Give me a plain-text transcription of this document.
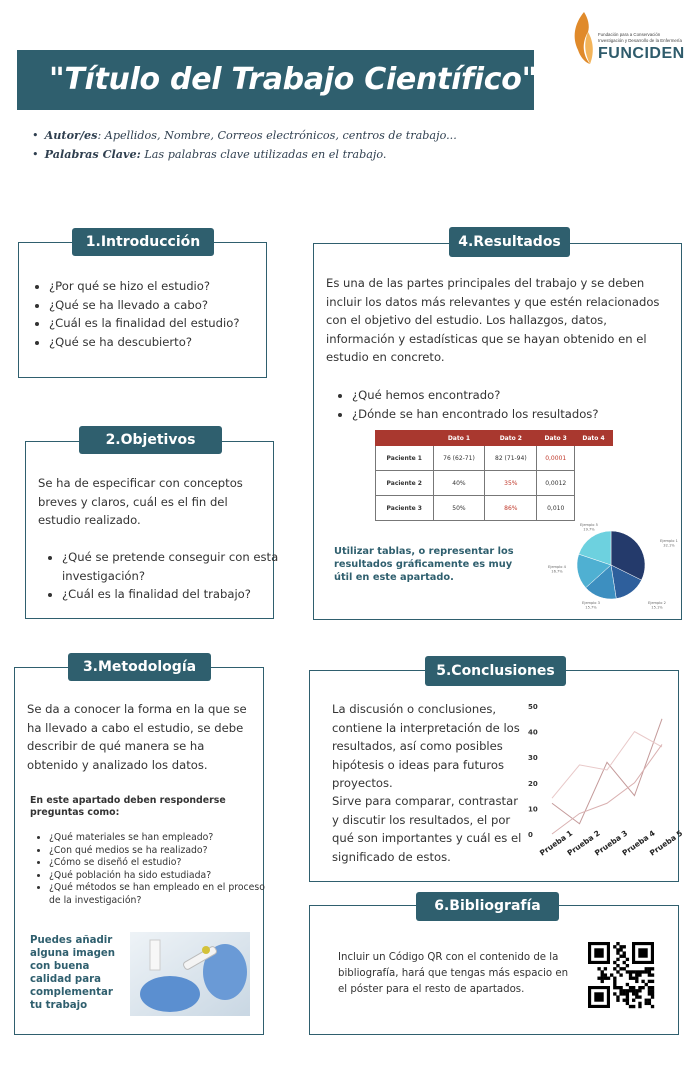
"Título del Trabajo Científico"
Fundación para a Conservación
Investigación y Desarrollo de la Enfermería
FUNCIDEN
• Autor/es: Apellidos, Nombre, Correos electrónicos, centros de trabajo...
• Palabras Clave: Las palabras clave utilizadas en el trabajo.
• ¿Por qué se hizo el estudio?
• ¿Qué se ha llevado a cabo?
• ¿Cuál es la finalidad del estudio?
• ¿Qué se ha descubierto?
1.Introducción
Se ha de especificar con conceptos breves y claros, cuál es el fin del estudio realizado.
• ¿Qué se pretende conseguir con esta investigación?
• ¿Cuál es la finalidad del trabajo?
2.Objetivos
Se da a conocer la forma en la que se ha llevado a cabo el estudio, se debe describir de qué manera se ha obtenido y analizado los datos.
En este apartado deben responderse preguntas como:
• ¿Qué materiales se han empleado?
• ¿Con qué medios se ha realizado?
• ¿Cómo se diseñó el estudio?
• ¿Qué población ha sido estudiada?
• ¿Qué métodos se han empleado en el proceso de la investigación?
Puedes añadir alguna imagen con buena calidad para complementar tu trabajo
3.Metodología
Es una de las partes principales del trabajo y se deben incluir los datos más relevantes y que estén relacionados con el objetivo del estudio. Los hallazgos, datos, información y estadísticas que se hayan obtenido en el estudio en concreto.
• ¿Qué hemos encontrado?
• ¿Dónde se han encontrado los resultados?
	Dato 1	Dato 2	Dato 3	Dato 4
Paciente 1	76 (62-71)	82 (71-94)	0,0001	
Paciente 2	40%	35%	0,0012	
Paciente 3	50%	86%	0,010	
Utilizar tablas, o representar los resultados gráficamente es muy útil en este apartado.
Ejemplo 1 32.1%
Ejemplo 2 15.1%
Ejemplo 3 15.7%
Ejemplo 4 16.7%
Ejemplo 5 19.7%
4.Resultados
La discusión o conclusiones, contiene la interpretación de los resultados, así como posibles hipótesis o ideas para futuros proyectos.
Sirve para comparar, contrastar y discutir los resultados, el por qué son importantes y cuál es el significado de estos.
0
10
20
30
40
50
Prueba 1
Prueba 2
Prueba 3
Prueba 4
Prueba 5
5.Conclusiones
Incluir un Código QR con el contenido de la bibliografía, hará que tengas más espacio en el póster para el resto de apartados.
6.Bibliografía
